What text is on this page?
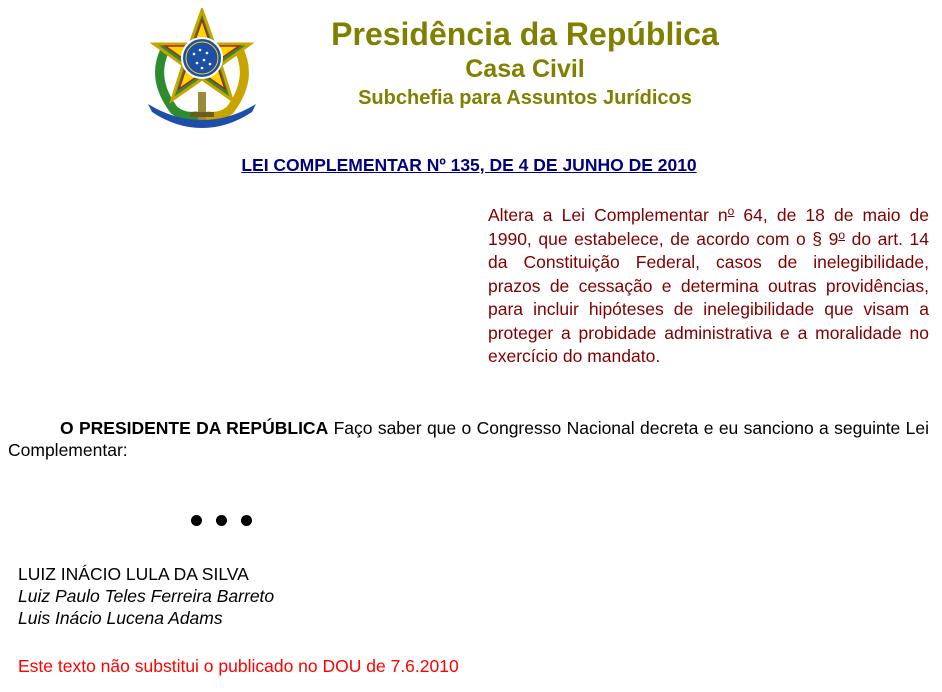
Presidência da República
Casa Civil
Subchefia para Assuntos Jurídicos
LEI COMPLEMENTAR Nº 135, DE 4 DE JUNHO DE 2010
Altera a Lei Complementar $n^o$ 64, de 18 de maio de 1990, que estabelece, de acordo com o § 9$^o$ do art. 14 da Constituição Federal, casos de inelegibilidade, prazos de cessação e determina outras providências, para incluir hipóteses de inelegibilidade que visam a proteger a probidade administrativa e a moralidade no exercício do mandato.
O PRESIDENTE DA REPÚBLICA Faço saber que o Congresso Nacional decreta e eu sanciono a seguinte Lei Complementar:
LUIZ INÁCIO LULA DA SILVA
Luiz Paulo Teles Ferreira Barreto
Luis Inácio Lucena Adams
Este texto não substitui o publicado no DOU de 7.6.2010
